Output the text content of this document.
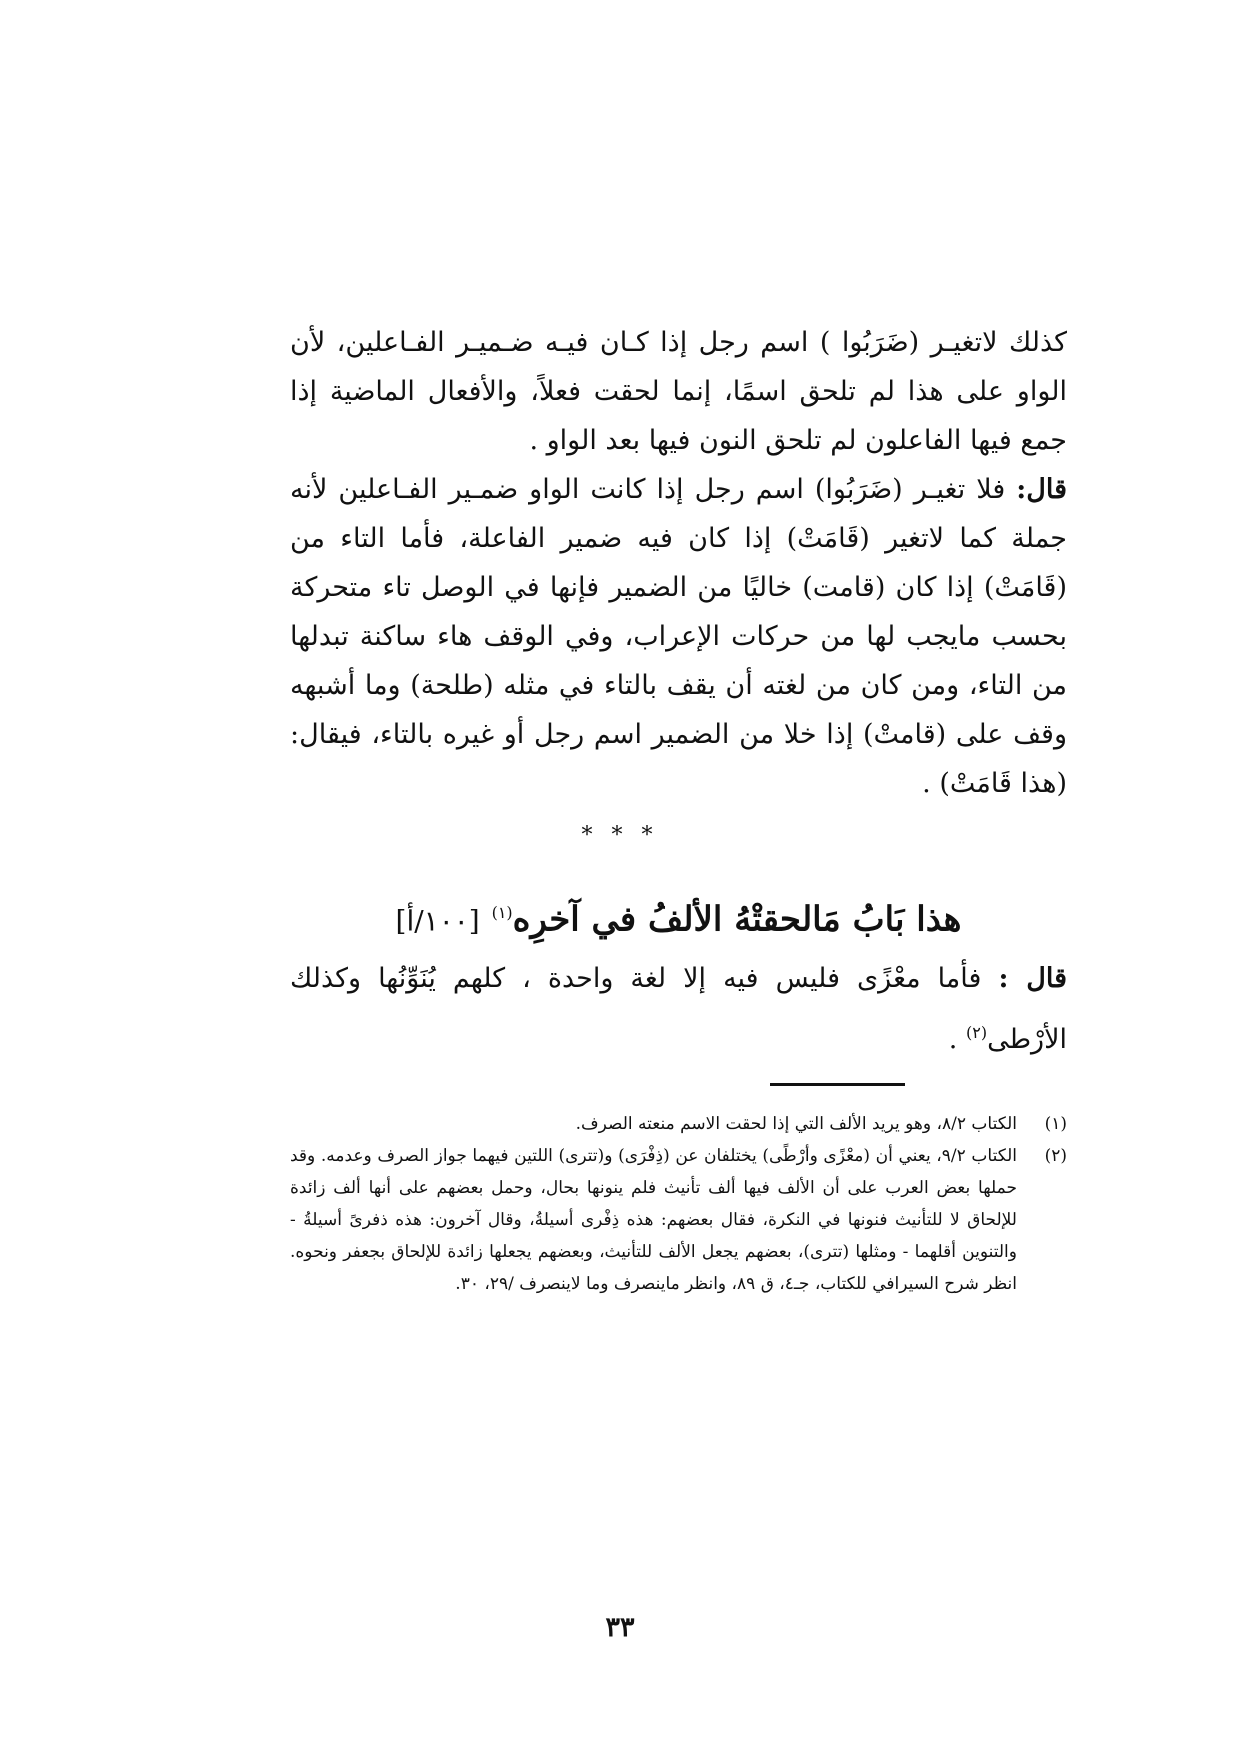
كذلك لاتغيـر (ضَرَبُوا ) اسم رجل إذا كـان فيـه ضـميـر الفـاعلين، لأن الواو على هذا لم تلحق اسمًا، إنما لحقت فعلاً، والأفعال الماضية إذا جمع فيها الفاعلون لم تلحق النون فيها بعد الواو .

قال: فلا تغيـر (ضَرَبُوا) اسم رجل إذا كانت الواو ضمـير الفـاعلين لأنه جملة كما لاتغير (قَامَتْ) إذا كان فيه ضمير الفاعلة، فأما التاء من (قَامَتْ) إذا كان (قامت) خاليًا من الضمير فإنها في الوصل تاء متحركة بحسب مايجب لها من حركات الإعراب، وفي الوقف هاء ساكنة تبدلها من التاء، ومن كان من لغته أن يقف بالتاء في مثله (طلحة) وما أشبهه وقف على (قامتْ) إذا خلا من الضمير اسم رجل أو غيره بالتاء، فيقال: (هذا قَامَتْ) .

* * *
هذا بَابُ مَالحقتْهُ الألفُ في آخرِه$^{(١)}$ [١٠٠/أ]

قال : فأما معْزًى فليس فيه إلا لغة واحدة ، كلهم يُنَوِّنُها وكذلك الأرْطى$^{(٢)}$ .

(١)
الكتاب ٨/٢، وهو يريد الألف التي إذا لحقت الاسم منعته الصرف.
(٢)
الكتاب ٩/٢، يعني أن (معْزًى وأرْطًى) يختلفان عن (ذِفْرَى) و(تترى) اللتين فيهما جواز الصرف وعدمه. وقد حملها بعض العرب على أن الألف فيها ألف تأنيث فلم ينونها بحال، وحمل بعضهم على أنها ألف زائدة للإلحاق لا للتأنيث فنونها في النكرة، فقال بعضهم: هذه ذِفْرى أسيلةُ، وقال آخرون: هذه ذفرىً أسيلةُ - والتنوين أقلهما - ومثلها (تترى)، بعضهم يجعل الألف للتأنيث، وبعضهم يجعلها زائدة للإلحاق بجعفر ونحوه. انظر شرح السيرافي للكتاب، جـ٤، ق ٨٩، وانظر ماينصرف وما لاينصرف /٢٩، ٣٠.
٣٣
